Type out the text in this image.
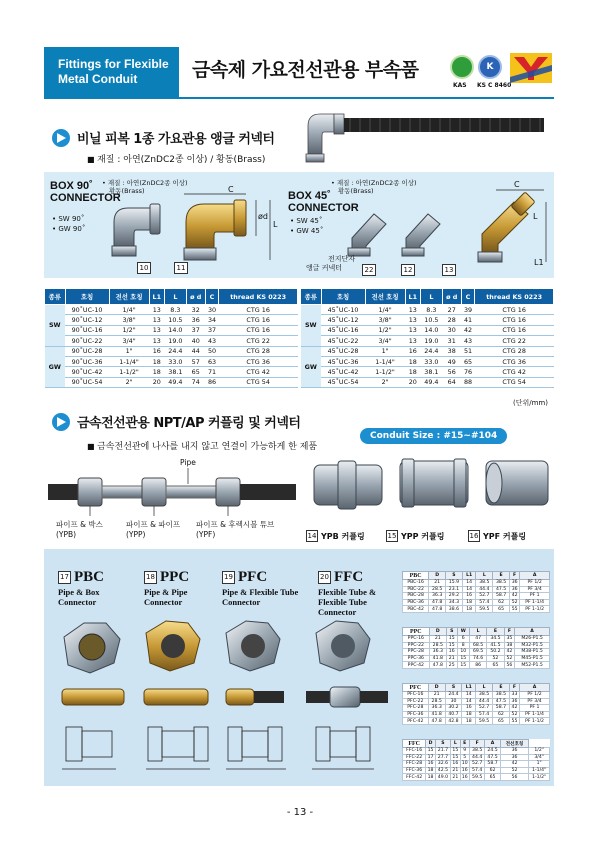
Fittings for Flexible
Metal Conduit	금속제 가요전선관용 부속품	K
KAS KS C 8460
비닐 피복 1종 가요관용 앵글 커넥터
■ 재질 : 아연(ZnDC2종 이상) / 황동(Brass)
BOX 90˚
CONNECTOR
• 재질 : 아연(ZnDC2종 이상)
황동(Brass)
• SW 90˚
• GW 90˚
C
ød
L
10	11
BOX 45˚
CONNECTOR
• 재질 : 아연(ZnDC2종 이상)
황동(Brass)
• SW 45˚
• GW 45˚
전지단자
22
앵글 커넥터	12	13
C
L
L1
종류	호칭	전선 호칭	L1	L	ø d	C	thread KS 0223
SW	90˚UC-10	1/4"	13	8.3	32	30	CTG 16
	90˚UC-12	3/8"	13	10.5	36	34	CTG 16
	90˚UC-16	1/2"	13	14.0	37	37	CTG 16
	90˚UC-22	3/4"	13	19.0	40	43	CTG 22
GW	90˚UC-28	1"	16	24.4	44	50	CTG 28
	90˚UC-36	1-1/4"	18	33.0	57	63	CTG 36
	90˚UC-42	1-1/2"	18	38.1	65	71	CTG 42
	90˚UC-54	2"	20	49.4	74	86	CTG 54
종류	호칭	전선 호칭	L1	L	ø d	C	thread KS 0223
SW	45˚UC-10	1/4"	13	8.3	27	39	CTG 16
	45˚UC-12	3/8"	13	10.5	28	41	CTG 16
	45˚UC-16	1/2"	13	14.0	30	42	CTG 16
	45˚UC-22	3/4"	13	19.0	31	43	CTG 22
GW	45˚UC-28	1"	16	24.4	38	51	CTG 28
	45˚UC-36	1-1/4"	18	33.0	49	65	CTG 36
	45˚UC-42	1-1/2"	18	38.1	56	76	CTG 42
	45˚UC-54	2"	20	49.4	64	88	CTG 54
(단위/mm)
금속전선관용 NPT/AP 커플링 및 커넥터
Conduit Size : #15~#104
■ 금속전선관에 나사를 내지 않고 연결이 가능하게 한 제품
Pipe
파이프 & 박스
(YPB)
파이프 & 파이프
(YPP)
파이프 & 후렉시블 튜브
(YPF)	14 YPB 커플링	15 YPP 커플링	16 YPF 커플링
17 PBC
Pipe & Box
Connector
18 PPC
Pipe & Pipe
Connector
19 PFC
Pipe & Flexible Tube
Connector
20 FFC
Flexible Tube &
Flexible Tube
Connector
PBC	D	S	L1	L	E	F	A
PBC-16	21	15.9	14	38.5	38.5	36	PF 1/2
PBC-22	28.5	23.1	14	44.4	47.5	36	PF 3/4
PBC-28	36.3	29.2	16	52.7	58.7	42	PF 1
PBC-36	47.8	34.3	18	57.4	62	52	PF 1-1/4
PBC-42	47.8	38.6	18	59.5	65	55	PF 1-1/2
PPC	D	S	W	L	E	F	A
PPC-16	21	15	6	47	34.5	35	M26-P1.5
PPC-22	28.5	15	8	68.5	41.5	38	M32-P1.5
PPC-28	36.3	16	10	69.5	50.2	42	M38-P1.5
PPC-36	41.8	21	15	74.6	52	52	M45-P1.5
PPC-42	47.8	25	15	86	65	56	M52-P1.5
PFC	D	S	L1	L	E	F	A
PFC-16	21	24.4	14	38.5	38.5	33	PF 1/2
PFC-22	28.5	30	14	44.4	47.5	36	PF 3/4
PFC-28	36.3	30.2	16	52.7	58.7	42	PF 1
PFC-36	41.8	40.7	18	57.4	62	52	PF 1-1/4
PFC-42	47.8	42.8	18	59.5	65	55	PF 1-1/2
FFC	D	S	L	E	F	A	전선호칭	
FFC-16	15	21.7	15	9	38.5	24.5	36	1/2"
FFC-22	17	27.7	15	5	44.4	47.5	36	3/4"
FFC-28	16	32.6	16	10	52.7	58.7	42	1"
FFC-36	18	42.5	21	16	57.4	62	52	1-1/4"
FFC-42	18	49.0	21	16	59.5	65	56	1-1/2"
- 13 -
